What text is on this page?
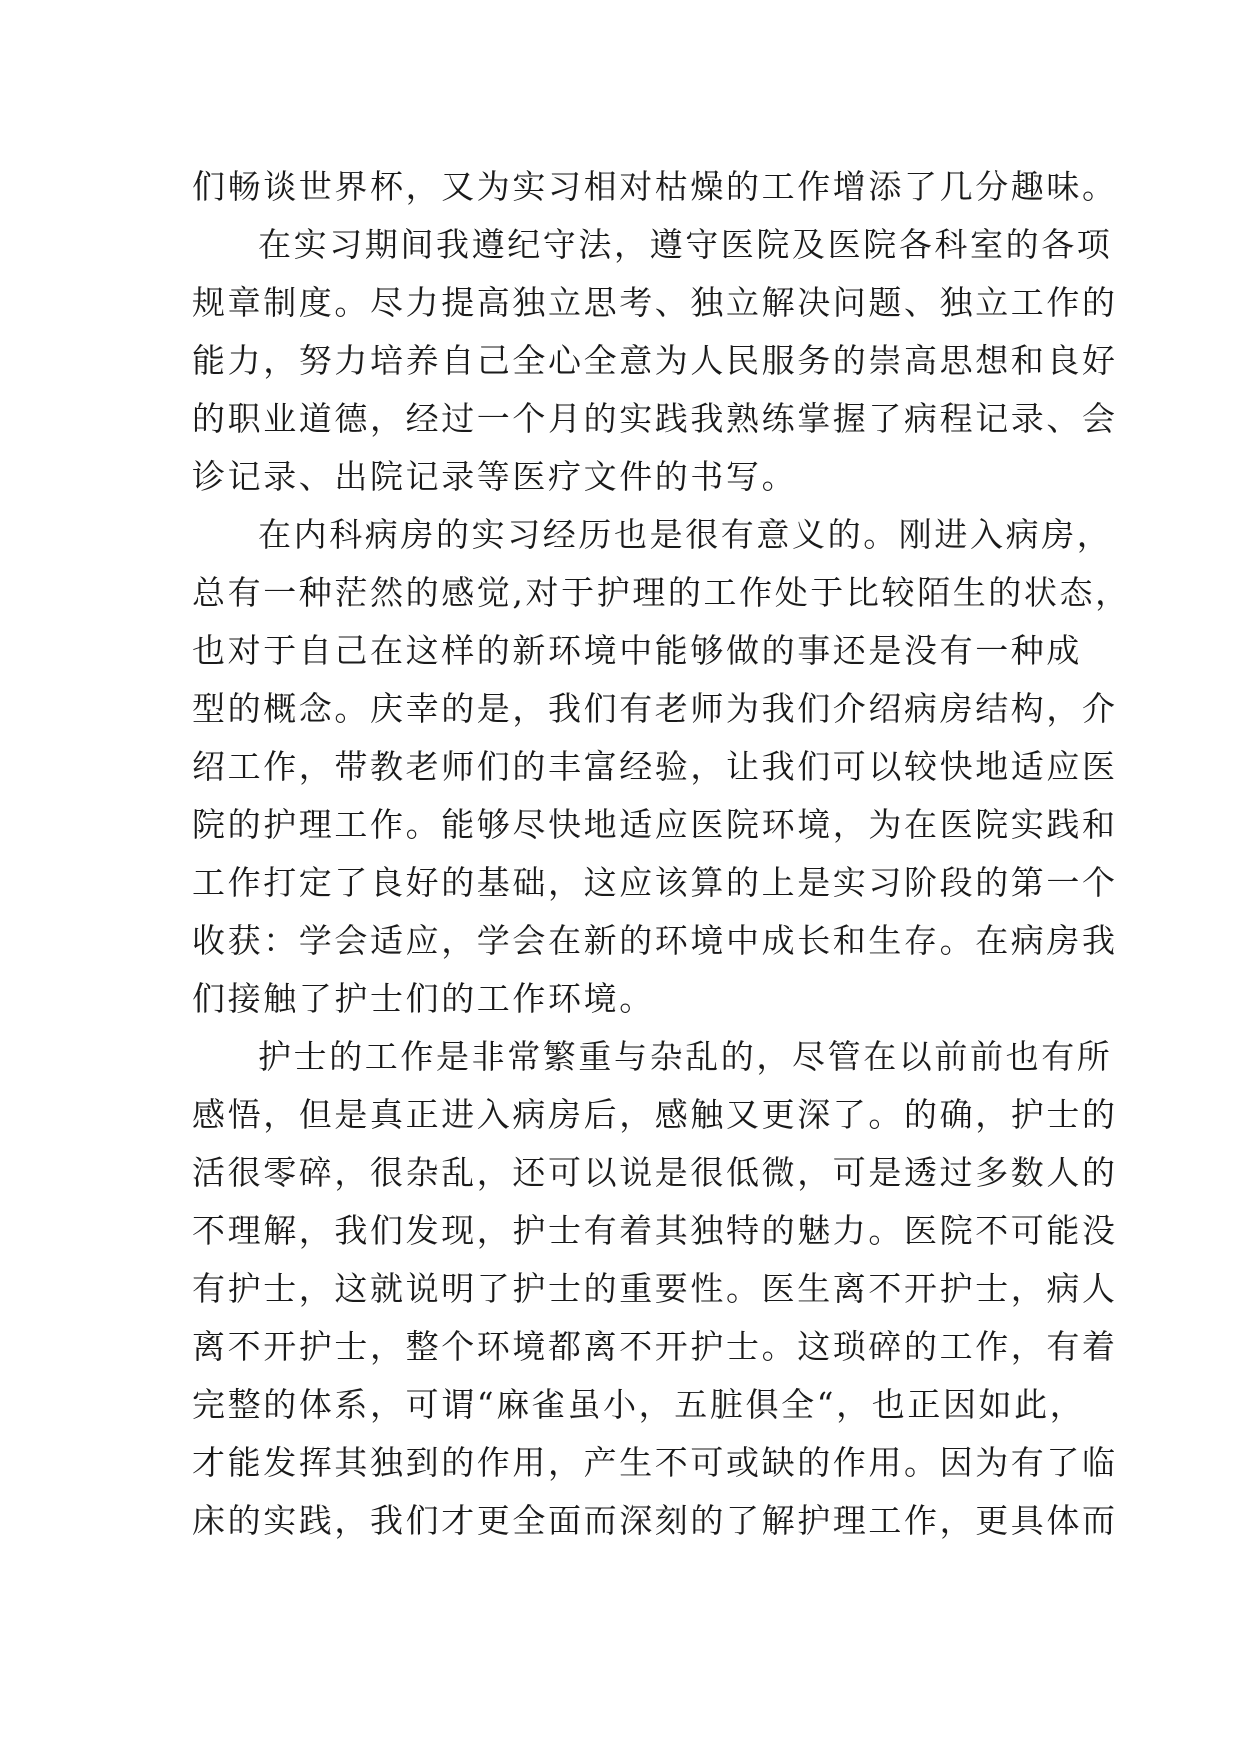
们畅谈世界杯，又为实习相对枯燥的工作增添了几分趣味。
在实习期间我遵纪守法，遵守医院及医院各科室的各项
规章制度。尽力提高独立思考、独立解决问题、独立工作的
能力，努力培养自己全心全意为人民服务的崇高思想和良好
的职业道德，经过一个月的实践我熟练掌握了病程记录、会
诊记录、出院记录等医疗文件的书写。
在内科病房的实习经历也是很有意义的。刚进入病房，
总有一种茫然的感觉,对于护理的工作处于比较陌生的状态，
也对于自己在这样的新环境中能够做的事还是没有一种成
型的概念。庆幸的是，我们有老师为我们介绍病房结构，介
绍工作，带教老师们的丰富经验，让我们可以较快地适应医
院的护理工作。能够尽快地适应医院环境，为在医院实践和
工作打定了良好的基础，这应该算的上是实习阶段的第一个
收获：学会适应，学会在新的环境中成长和生存。在病房我
们接触了护士们的工作环境。
护士的工作是非常繁重与杂乱的，尽管在以前前也有所
感悟，但是真正进入病房后，感触又更深了。的确，护士的
活很零碎，很杂乱，还可以说是很低微，可是透过多数人的
不理解，我们发现，护士有着其独特的魅力。医院不可能没
有护士，这就说明了护士的重要性。医生离不开护士，病人
离不开护士，整个环境都离不开护士。这琐碎的工作，有着
完整的体系，可谓“麻雀虽小，五脏俱全“，也正因如此，
才能发挥其独到的作用，产生不可或缺的作用。因为有了临
床的实践，我们才更全面而深刻的了解护理工作，更具体而
